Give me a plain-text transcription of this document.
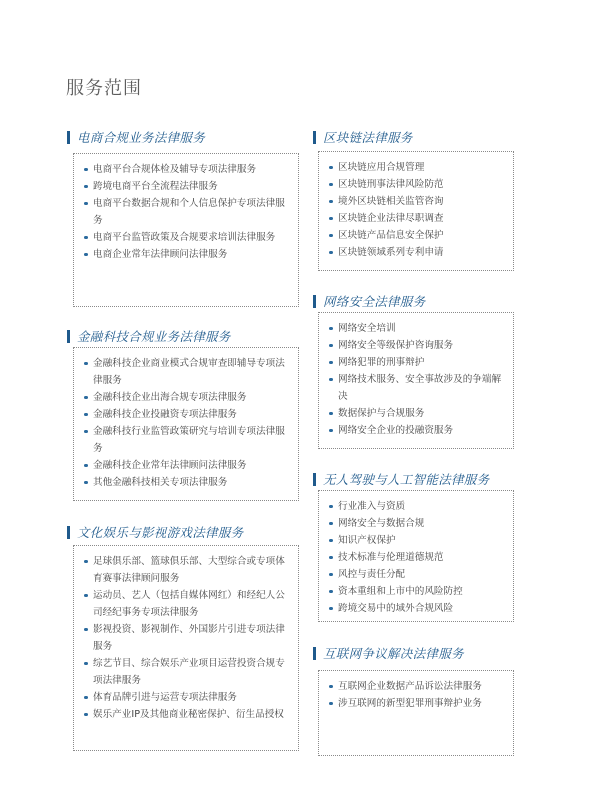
服务范围
电商合规业务法律服务
电商平台合规体检及辅导专项法律服务
跨境电商平台全流程法律服务
电商平台数据合规和个人信息保护专项法律服务
电商平台监管政策及合规要求培训法律服务
电商企业常年法律顾问法律服务
金融科技合规业务法律服务
金融科技企业商业模式合规审查即辅导专项法律服务
金融科技企业出海合规专项法律服务
金融科技企业投融资专项法律服务
金融科技行业监管政策研究与培训专项法律服务
金融科技企业常年法律顾问法律服务
其他金融科技相关专项法律服务
文化娱乐与影视游戏法律服务
足球俱乐部、篮球俱乐部、大型综合或专项体育赛事法律顾问服务
运动员、艺人（包括自媒体网红）和经纪人公司经纪事务专项法律服务
影视投资、影视制作、外国影片引进专项法律服务
综艺节目、综合娱乐产业项目运营投资合规专项法律服务
体育品牌引进与运营专项法律服务
娱乐产业IP及其他商业秘密保护、衍生品授权
区块链法律服务
区块链应用合规管理
区块链刑事法律风险防范
境外区块链相关监管咨询
区块链企业法律尽职调查
区块链产品信息安全保护
区块链领域系列专利申请
网络安全法律服务
网络安全培训
网络安全等级保护咨询服务
网络犯罪的刑事辩护
网络技术服务、安全事故涉及的争端解决
数据保护与合规服务
网络安全企业的投融资服务
无人驾驶与人工智能法律服务
行业准入与资质
网络安全与数据合规
知识产权保护
技术标准与伦理道德规范
风控与责任分配
资本重组和上市中的风险防控
跨境交易中的域外合规风险
互联网争议解决法律服务
互联网企业数据产品诉讼法律服务
涉互联网的新型犯罪刑事辩护业务
